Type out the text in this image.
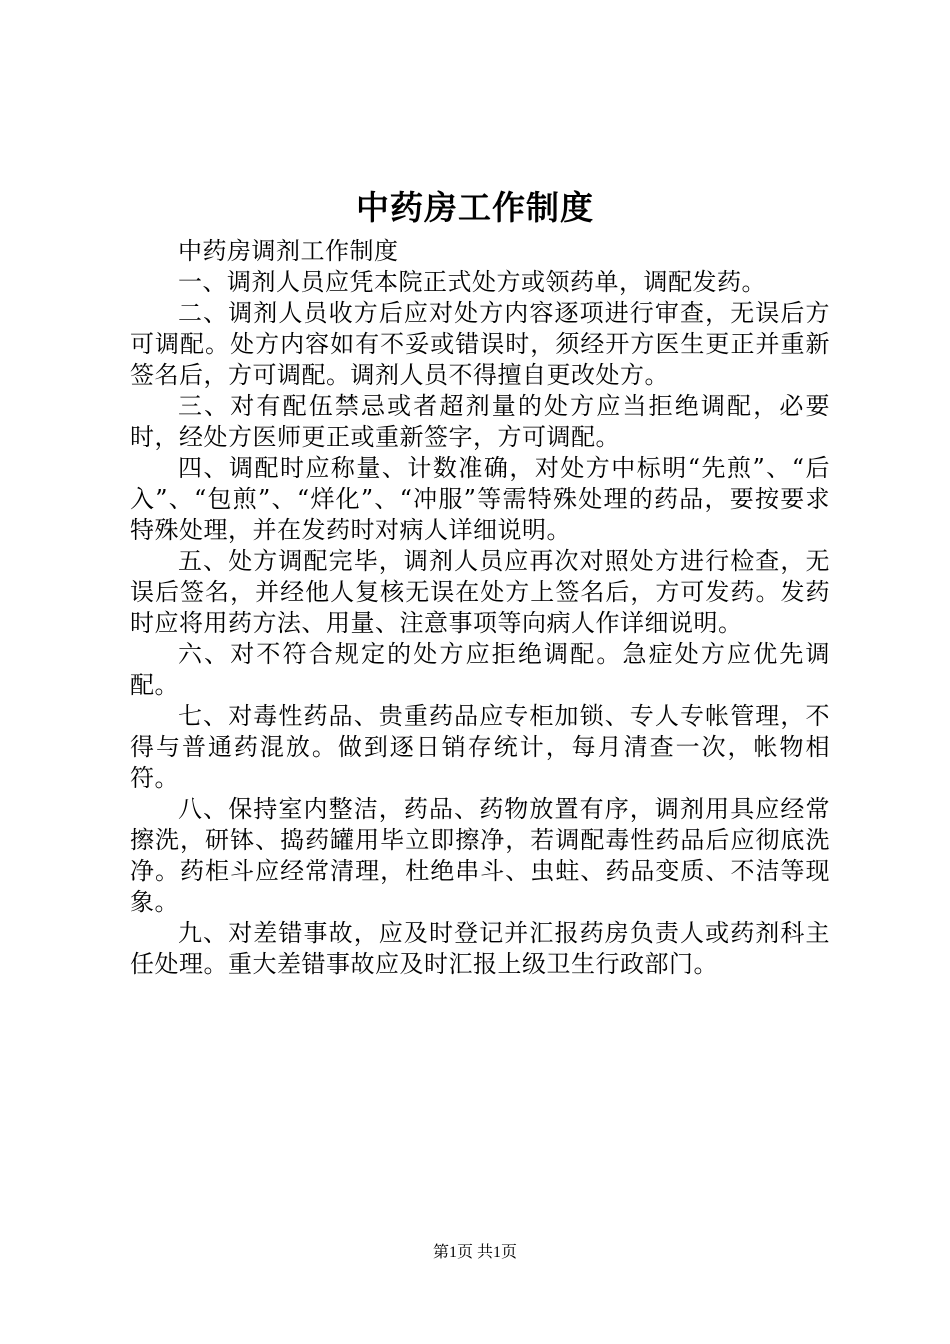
中药房工作制度

中药房调剂工作制度

一、调剂人员应凭本院正式处方或领药单，调配发药。

二、调剂人员收方后应对处方内容逐项进行审查，无误后方可调配。处方内容如有不妥或错误时，须经开方医生更正并重新签名后，方可调配。调剂人员不得擅自更改处方。

三、对有配伍禁忌或者超剂量的处方应当拒绝调配，必要时，经处方医师更正或重新签字，方可调配。

四、调配时应称量、计数准确，对处方中标明“先煎”、“后入”、“包煎”、“烊化”、“冲服”等需特殊处理的药品，要按要求特殊处理，并在发药时对病人详细说明。

五、处方调配完毕，调剂人员应再次对照处方进行检查，无误后签名，并经他人复核无误在处方上签名后，方可发药。发药时应将用药方法、用量、注意事项等向病人作详细说明。

六、对不符合规定的处方应拒绝调配。急症处方应优先调配。

七、对毒性药品、贵重药品应专柜加锁、专人专帐管理，不得与普通药混放。做到逐日销存统计，每月清查一次，帐物相符。

八、保持室内整洁，药品、药物放置有序，调剂用具应经常擦洗，研钵、捣药罐用毕立即擦净，若调配毒性药品后应彻底洗净。药柜斗应经常清理，杜绝串斗、虫蛀、药品变质、不洁等现象。

九、对差错事故，应及时登记并汇报药房负责人或药剂科主任处理。重大差错事故应及时汇报上级卫生行政部门。

第1页 共1页
